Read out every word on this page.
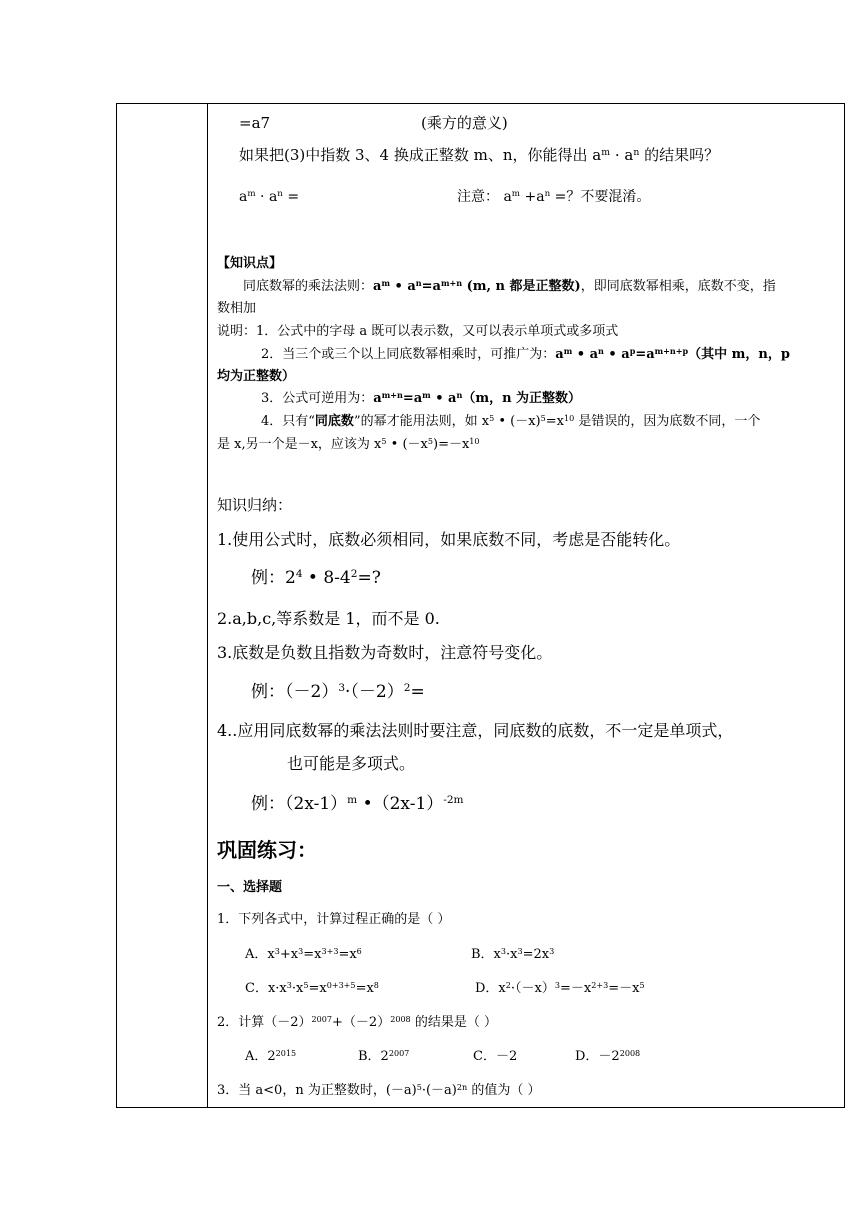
=a7	(乘方的意义)
如果把(3)中指数 3、4 换成正整数 m、n，你能得出 $a^m \cdot a^n$ 的结果吗？
$a^m \cdot a^n$ =	注意： $a^m +a^n$ =？不要混淆。
【知识点】
同底数幂的乘法法则：$a^m$ • $a^n=a^{m+n}$ (m, n 都是正整数)，即同底数幂相乘，底数不变，指
数相加
说明：1．公式中的字母 a 既可以表示数，又可以表示单项式或多项式
2．当三个或三个以上同底数幂相乘时，可推广为：$a^m$ • $a^n$ • $a^p=a^{m+n+p}$（其中 m，n，p
均为正整数）
3．公式可逆用为：$a^{m+n}=a^m$ • $a^n(m$，n 为正整数）
4．只有“同底数”的幂才能用法则，如 $x^5$ • $(-x)^5=x^{10}$ 是错误的，因为底数不同，一个
是 x,另一个是－x，应该为 $x^5$ • $(-x^5)=-x^{10}$
知识归纳：
1.使用公式时，底数必须相同，如果底数不同，考虑是否能转化。
例：$2^4$ • $8-4^2=$?
2.a,b,c,等系数是 1，而不是 0.
3.底数是负数且指数为奇数时，注意符号变化。
例：$(-2)^3\cdot(-2)^2=$
4..应用同底数幂的乘法法则时要注意，同底数的底数，不一定是单项式，
也可能是多项式。
例：$(2x-1)^m$ $•(2x-1)^{-2m}$
巩固练习：
一、选择题
1．下列各式中，计算过程正确的是（ ）
A．$x^3+x^3=x^{3+3}=x^6$	B．$x^3\cdot x^3=2x^3$
C．$x\cdot x^3\cdot x^5=x^{0+3+5}=x^8$	D．$x^2\cdot(-x)^3=-x^{2+3}=-x^5$
2．计算$(-2)^{2007}+(-2)^{2008}$ 的结果是（ ）
A．$2^{2015}$	B．$2^{2007}$	C．－2	D．$-2^{2008}$
3．当 a<0，n 为正整数时，$(-a)^5\cdot(-a)^{2n}$ 的值为（ ）
